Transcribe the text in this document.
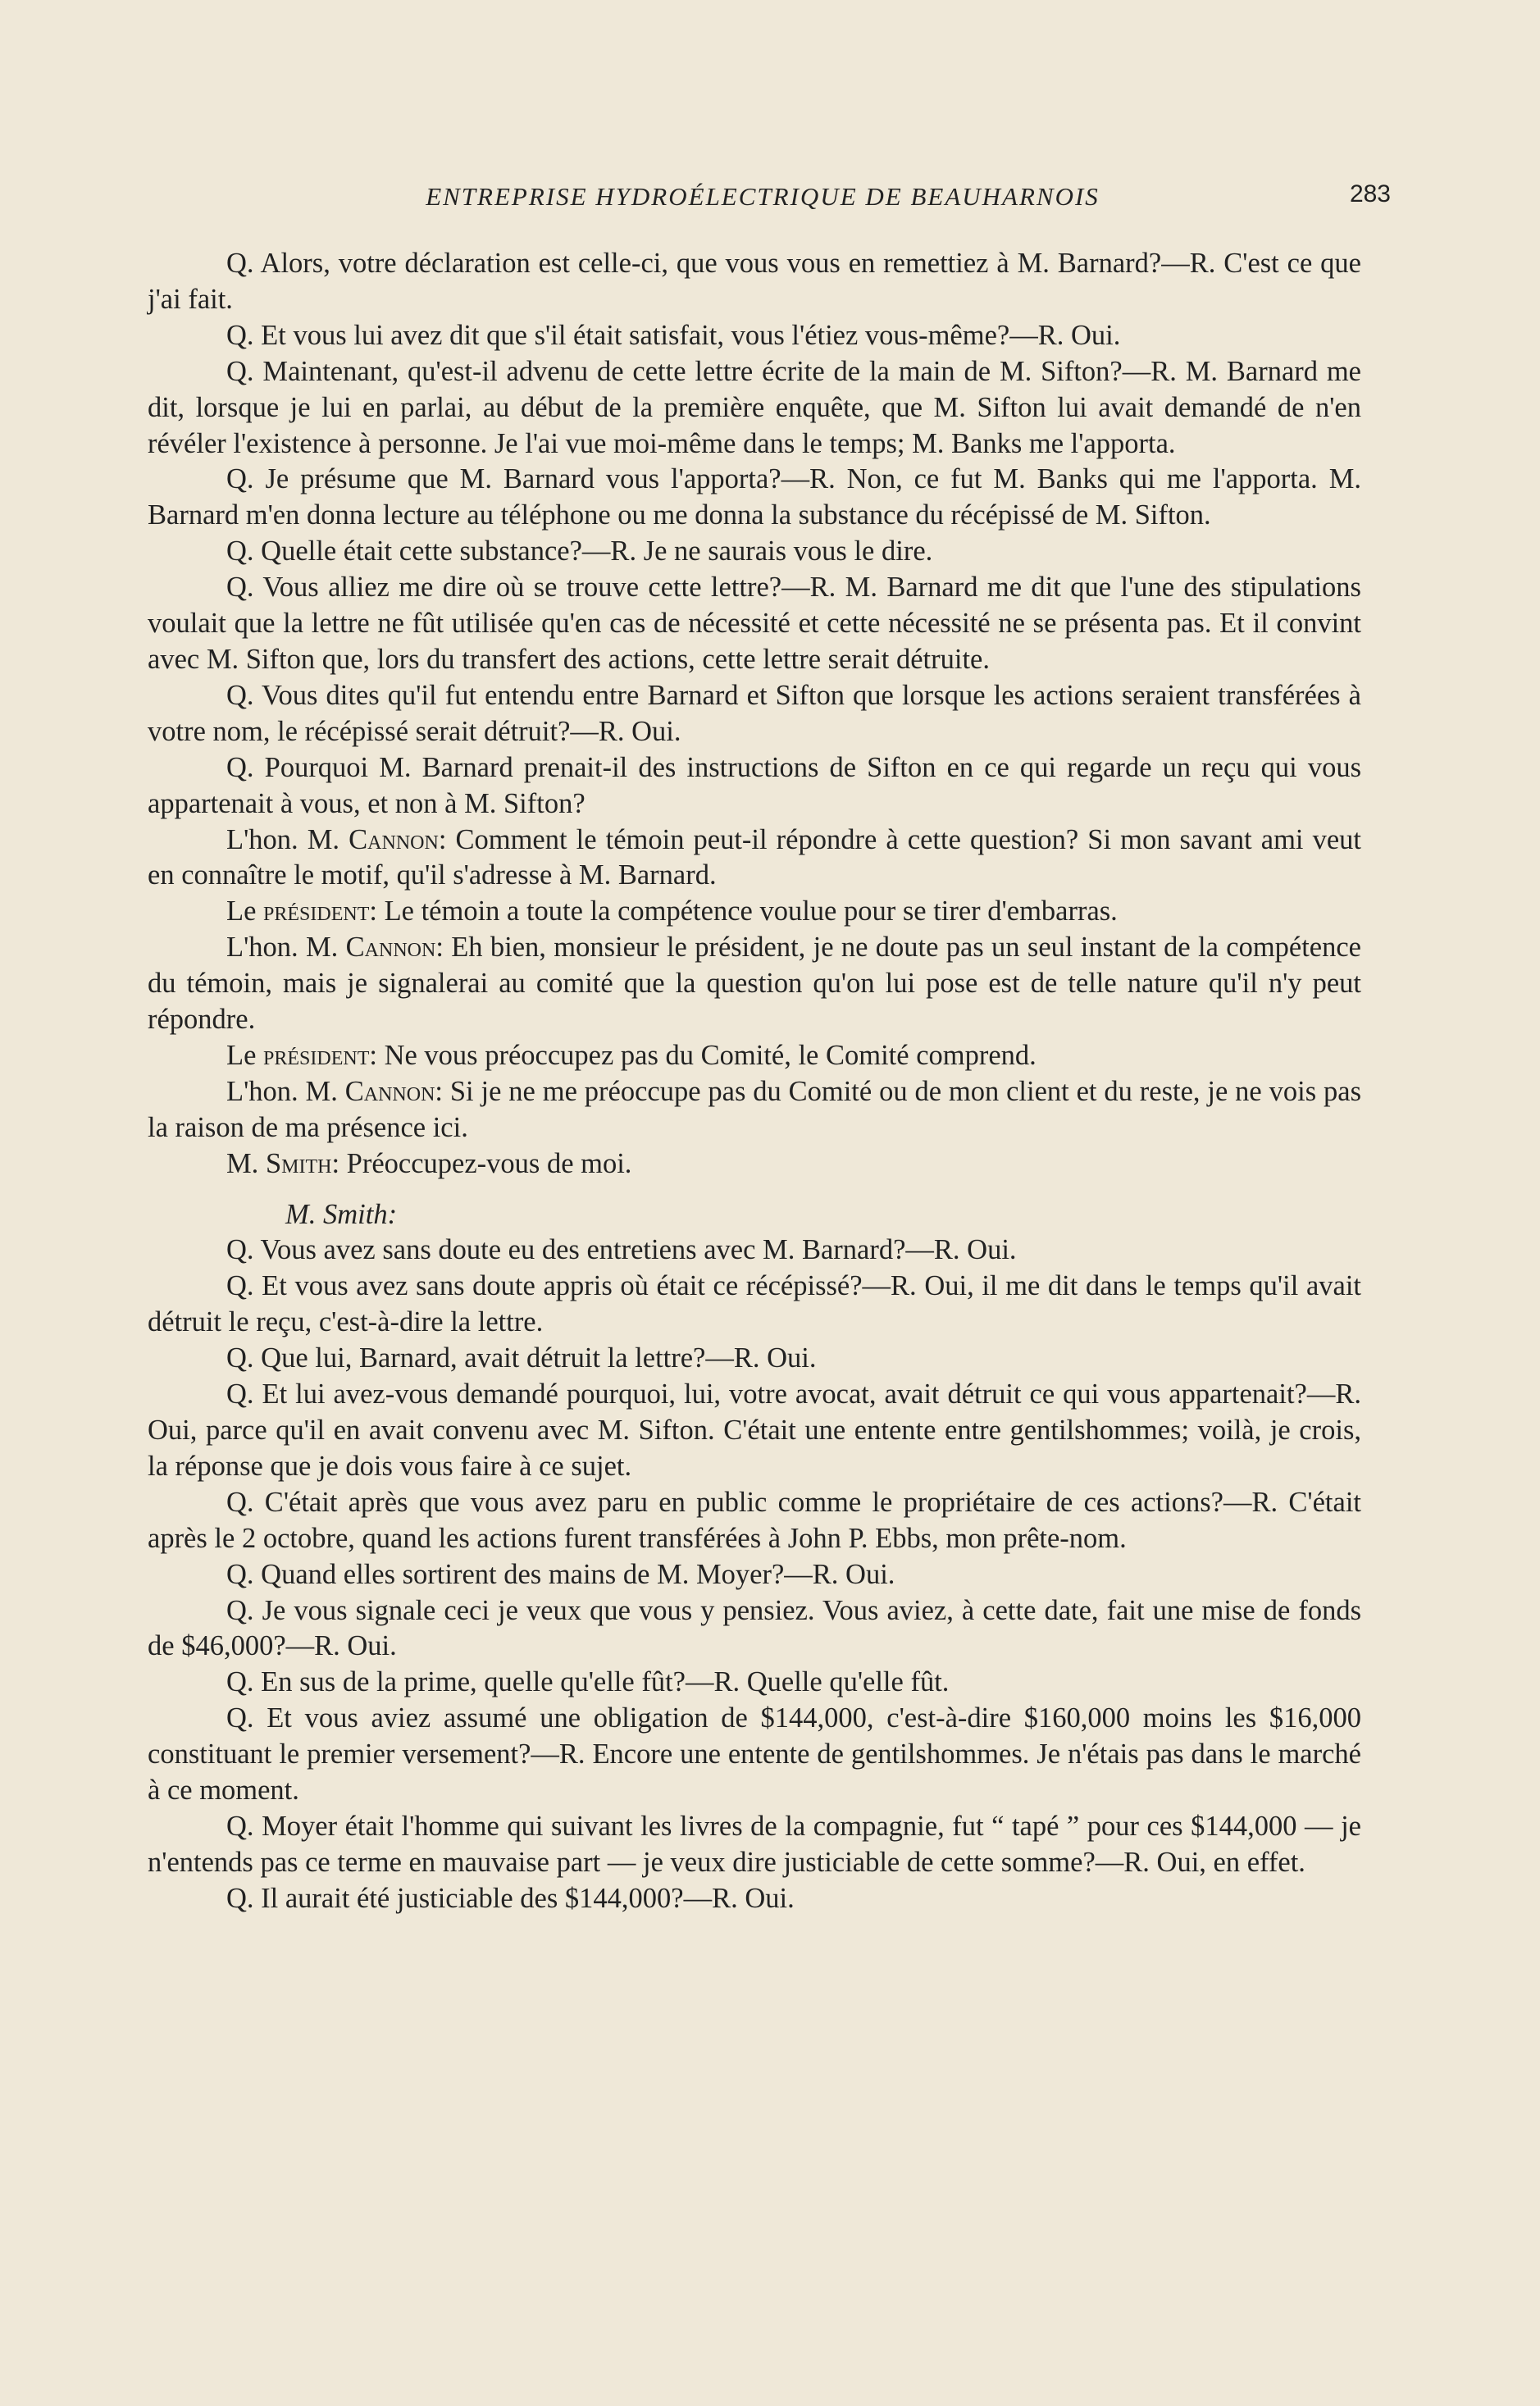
ENTREPRISE HYDROÉLECTRIQUE DE BEAUHARNOIS	283

Q. Alors, votre déclaration est celle-ci, que vous vous en remettiez à M. Barnard?—R. C'est ce que j'ai fait.

Q. Et vous lui avez dit que s'il était satisfait, vous l'étiez vous-même?—R. Oui.

Q. Maintenant, qu'est-il advenu de cette lettre écrite de la main de M. Sifton?—R. M. Barnard me dit, lorsque je lui en parlai, au début de la première enquête, que M. Sifton lui avait demandé de n'en révéler l'existence à personne. Je l'ai vue moi-même dans le temps; M. Banks me l'apporta.

Q. Je présume que M. Barnard vous l'apporta?—R. Non, ce fut M. Banks qui me l'apporta. M. Barnard m'en donna lecture au téléphone ou me donna la substance du récépissé de M. Sifton.

Q. Quelle était cette substance?—R. Je ne saurais vous le dire.

Q. Vous alliez me dire où se trouve cette lettre?—R. M. Barnard me dit que l'une des stipulations voulait que la lettre ne fût utilisée qu'en cas de nécessité et cette nécessité ne se présenta pas. Et il convint avec M. Sifton que, lors du transfert des actions, cette lettre serait détruite.

Q. Vous dites qu'il fut entendu entre Barnard et Sifton que lorsque les actions seraient transférées à votre nom, le récépissé serait détruit?—R. Oui.

Q. Pourquoi M. Barnard prenait-il des instructions de Sifton en ce qui regarde un reçu qui vous appartenait à vous, et non à M. Sifton?

L'hon. M. Cannon: Comment le témoin peut-il répondre à cette question? Si mon savant ami veut en connaître le motif, qu'il s'adresse à M. Barnard.

Le président: Le témoin a toute la compétence voulue pour se tirer d'embarras.

L'hon. M. Cannon: Eh bien, monsieur le président, je ne doute pas un seul instant de la compétence du témoin, mais je signalerai au comité que la question qu'on lui pose est de telle nature qu'il n'y peut répondre.

Le président: Ne vous préoccupez pas du Comité, le Comité comprend.

L'hon. M. Cannon: Si je ne me préoccupe pas du Comité ou de mon client et du reste, je ne vois pas la raison de ma présence ici.

M. Smith: Préoccupez-vous de moi.

M. Smith:

Q. Vous avez sans doute eu des entretiens avec M. Barnard?—R. Oui.

Q. Et vous avez sans doute appris où était ce récépissé?—R. Oui, il me dit dans le temps qu'il avait détruit le reçu, c'est-à-dire la lettre.

Q. Que lui, Barnard, avait détruit la lettre?—R. Oui.

Q. Et lui avez-vous demandé pourquoi, lui, votre avocat, avait détruit ce qui vous appartenait?—R. Oui, parce qu'il en avait convenu avec M. Sifton. C'était une entente entre gentilshommes; voilà, je crois, la réponse que je dois vous faire à ce sujet.

Q. C'était après que vous avez paru en public comme le propriétaire de ces actions?—R. C'était après le 2 octobre, quand les actions furent transférées à John P. Ebbs, mon prête-nom.

Q. Quand elles sortirent des mains de M. Moyer?—R. Oui.

Q. Je vous signale ceci je veux que vous y pensiez. Vous aviez, à cette date, fait une mise de fonds de $46,000?—R. Oui.

Q. En sus de la prime, quelle qu'elle fût?—R. Quelle qu'elle fût.

Q. Et vous aviez assumé une obligation de $144,000, c'est-à-dire $160,000 moins les $16,000 constituant le premier versement?—R. Encore une entente de gentilshommes. Je n'étais pas dans le marché à ce moment.

Q. Moyer était l'homme qui suivant les livres de la compagnie, fut “ tapé ” pour ces $144,000 — je n'entends pas ce terme en mauvaise part — je veux dire justiciable de cette somme?—R. Oui, en effet.

Q. Il aurait été justiciable des $144,000?—R. Oui.
